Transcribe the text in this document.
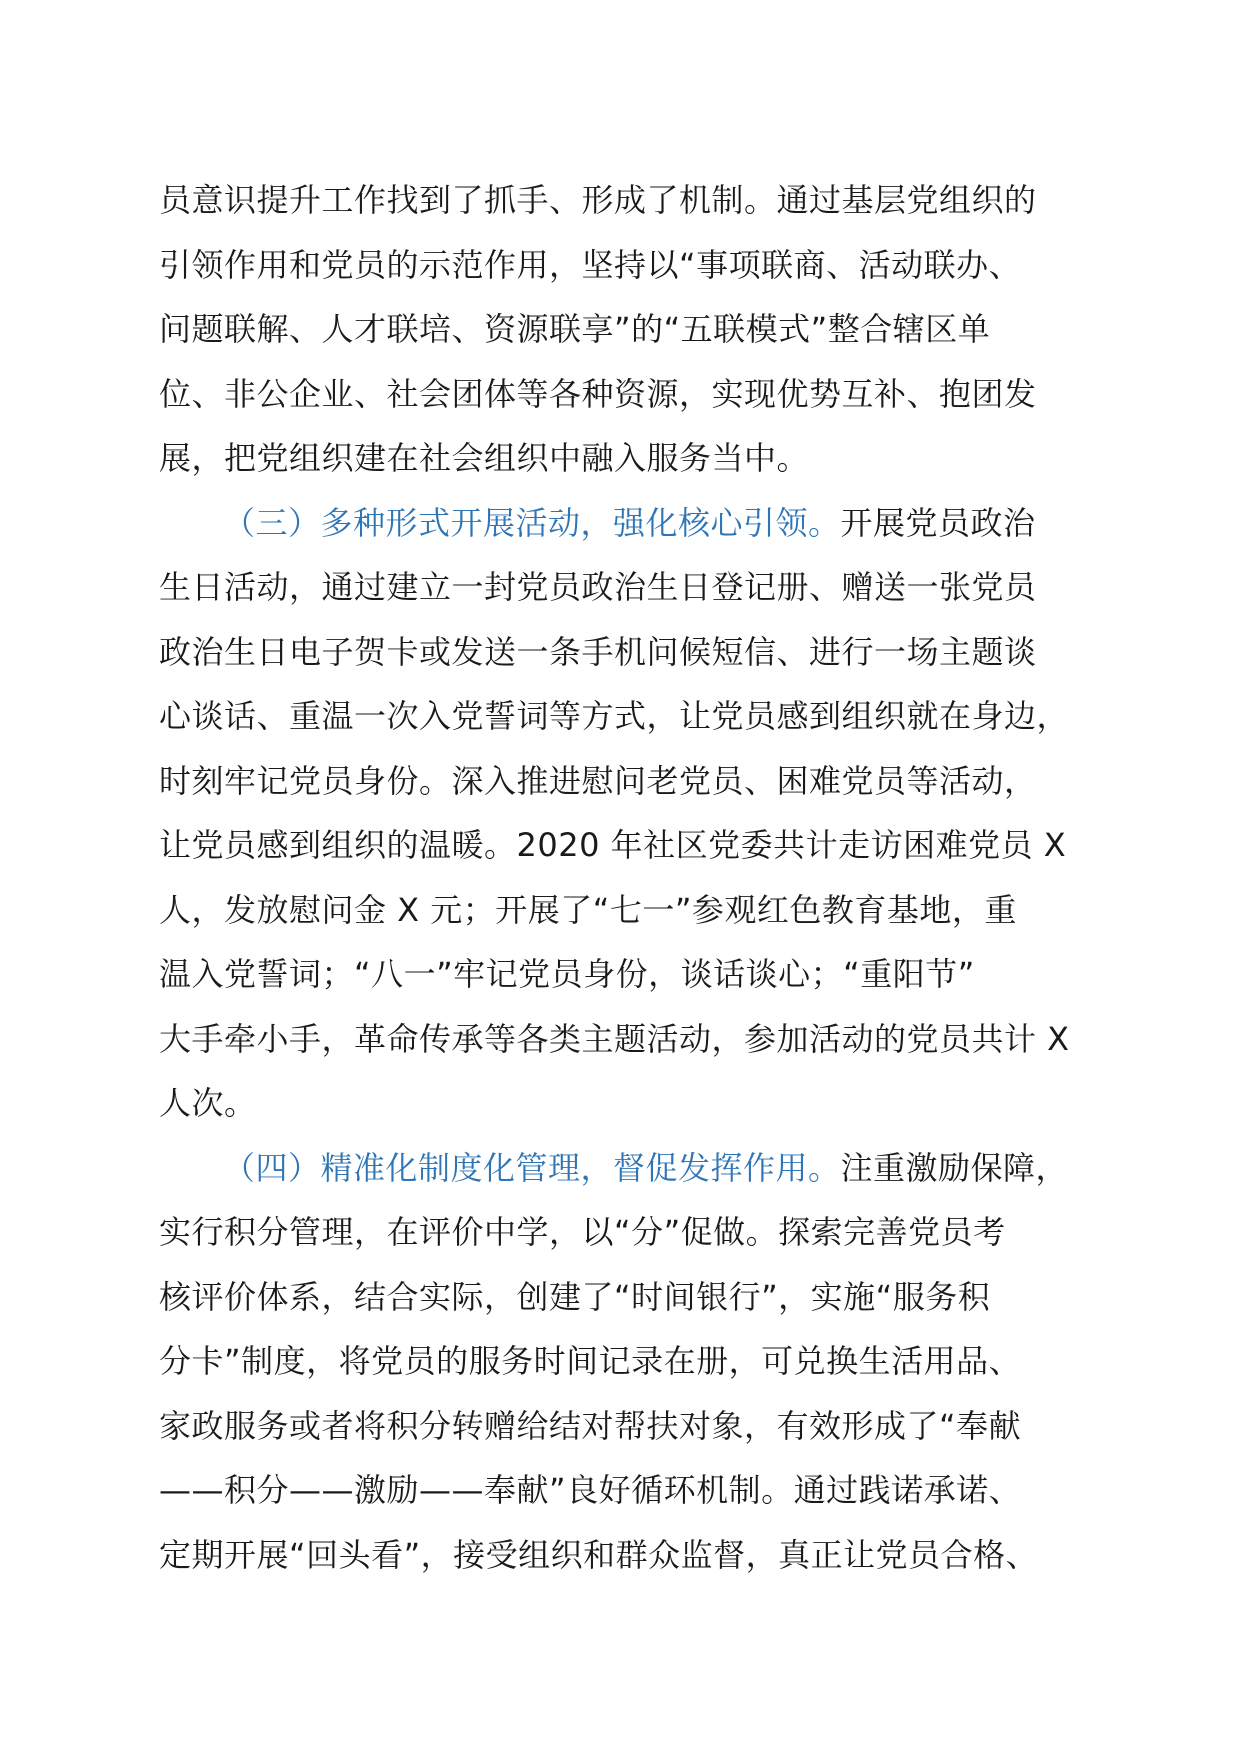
员意识提升工作找到了抓手、形成了机制。通过基层党组织的
引领作用和党员的示范作用，坚持以“事项联商、活动联办、
问题联解、人才联培、资源联享”的“五联模式”整合辖区单
位、非公企业、社会团体等各种资源，实现优势互补、抱团发
展，把党组织建在社会组织中融入服务当中。
（三）多种形式开展活动，强化核心引领。开展党员政治
生日活动，通过建立一封党员政治生日登记册、赠送一张党员
政治生日电子贺卡或发送一条手机问候短信、进行一场主题谈
心谈话、重温一次入党誓词等方式，让党员感到组织就在身边，
时刻牢记党员身份。深入推进慰问老党员、困难党员等活动，
让党员感到组织的温暖。2020 年社区党委共计走访困难党员 X
人，发放慰问金 X 元；开展了“七一”参观红色教育基地，重
温入党誓词；“八一”牢记党员身份，谈话谈心；“重阳节”
大手牵小手，革命传承等各类主题活动，参加活动的党员共计 X
人次。
（四）精准化制度化管理，督促发挥作用。注重激励保障，
实行积分管理，在评价中学，以“分”促做。探索完善党员考
核评价体系，结合实际，创建了“时间银行”，实施“服务积
分卡”制度，将党员的服务时间记录在册，可兑换生活用品、
家政服务或者将积分转赠给结对帮扶对象，有效形成了“奉献
——积分——激励——奉献”良好循环机制。通过践诺承诺、
定期开展“回头看”，接受组织和群众监督，真正让党员合格、
